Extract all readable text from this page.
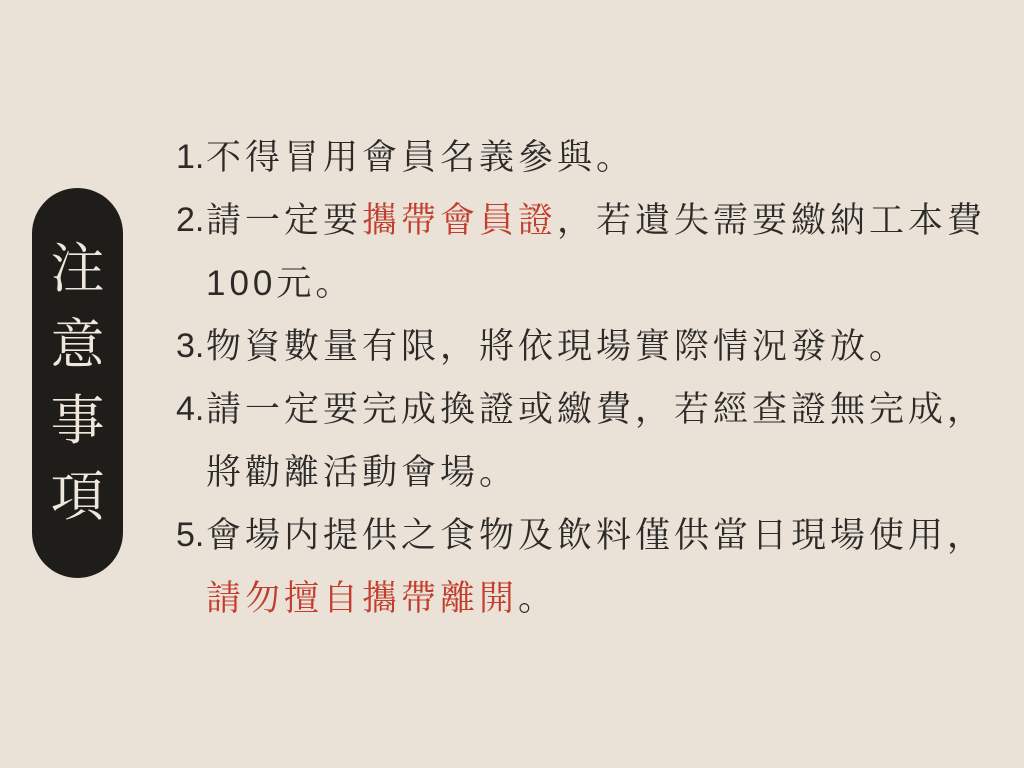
注
意
事
項
1. 不得冒用會員名義參與。
2. 請一定要攜帶會員證，若遺失需要繳納工本費100元。
3. 物資數量有限，將依現場實際情況發放。
4. 請一定要完成換證或繳費，若經查證無完成，將勸離活動會場。
5. 會場内提供之食物及飲料僅供當日現場使用，請勿擅自攜帶離開。
